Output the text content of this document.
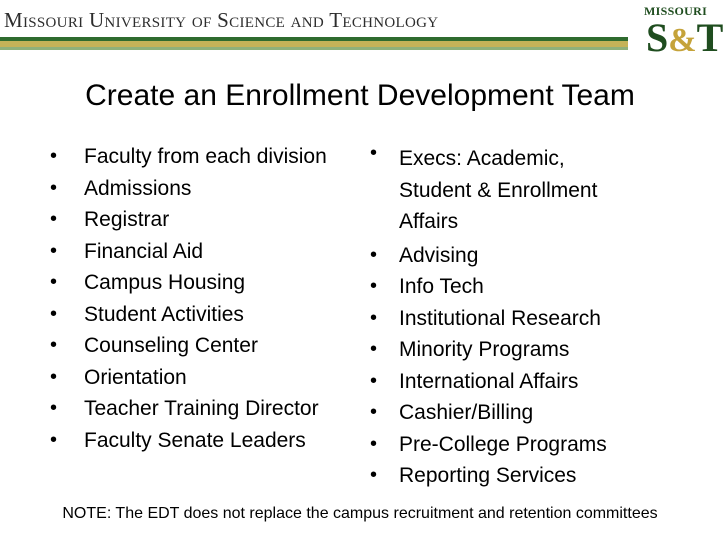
Missouri University of Science and Technology	MISSOURI
S&T
Create an Enrollment Development Team
• Faculty from each division
• Admissions
• Registrar
• Financial Aid
• Campus Housing
• Student Activities
• Counseling Center
• Orientation
• Teacher Training Director
• Faculty Senate Leaders
• Execs: Academic,
Student & Enrollment
Affairs
• Advising
• Info Tech
• Institutional Research
• Minority Programs
• International Affairs
• Cashier/Billing
• Pre-College Programs
• Reporting Services

NOTE: The EDT does not replace the campus recruitment and retention committees
